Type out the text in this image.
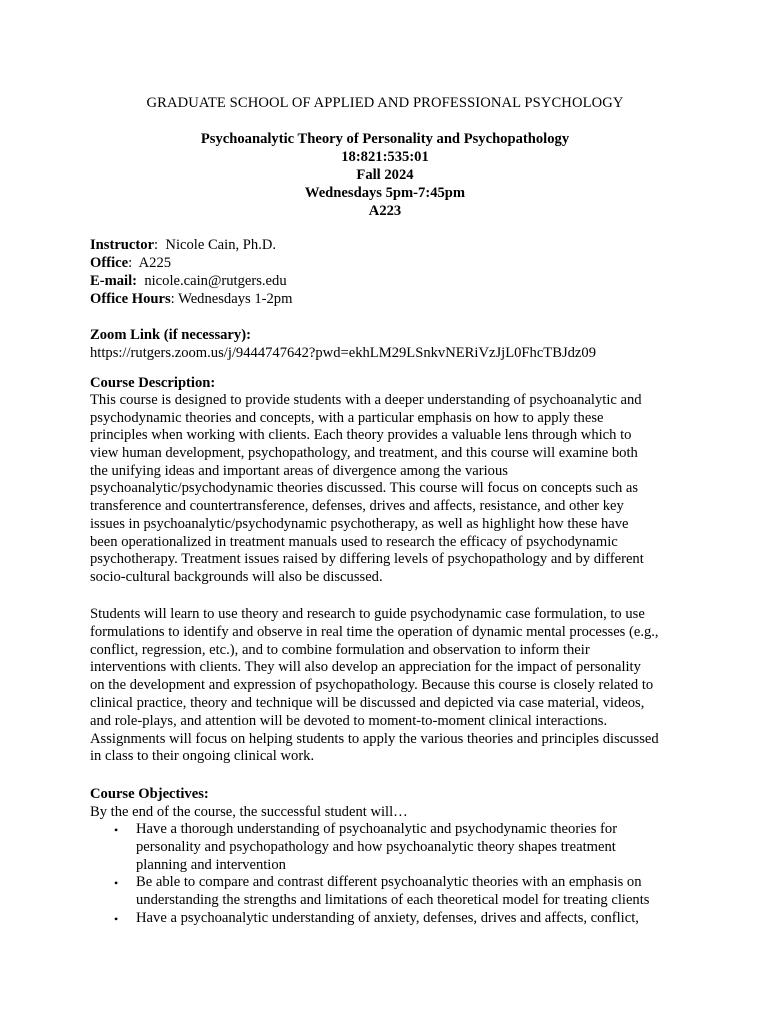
GRADUATE SCHOOL OF APPLIED AND PROFESSIONAL PSYCHOLOGY
Psychoanalytic Theory of Personality and Psychopathology
18:821:535:01
Fall 2024
Wednesdays 5pm-7:45pm
A223
Instructor:  Nicole Cain, Ph.D.
Office:  A225
E-mail:  nicole.cain@rutgers.edu
Office Hours: Wednesdays 1-2pm
Zoom Link (if necessary):
https://rutgers.zoom.us/j/9444747642?pwd=ekhLM29LSnkvNERiVzJjL0FhcTBJdz09
Course Description:

This course is designed to provide students with a deeper understanding of psychoanalytic and

psychodynamic theories and concepts, with a particular emphasis on how to apply these

principles when working with clients. Each theory provides a valuable lens through which to

view human development, psychopathology, and treatment, and this course will examine both

the unifying ideas and important areas of divergence among the various

psychoanalytic/psychodynamic theories discussed. This course will focus on concepts such as

transference and countertransference, defenses, drives and affects, resistance, and other key

issues in psychoanalytic/psychodynamic psychotherapy, as well as highlight how these have

been operationalized in treatment manuals used to research the efficacy of psychodynamic

psychotherapy. Treatment issues raised by differing levels of psychopathology and by different

socio-cultural backgrounds will also be discussed.

Students will learn to use theory and research to guide psychodynamic case formulation, to use

formulations to identify and observe in real time the operation of dynamic mental processes (e.g.,

conflict, regression, etc.), and to combine formulation and observation to inform their

interventions with clients. They will also develop an appreciation for the impact of personality

on the development and expression of psychopathology. Because this course is closely related to

clinical practice, theory and technique will be discussed and depicted via case material, videos,

and role-plays, and attention will be devoted to moment-to-moment clinical interactions.

Assignments will focus on helping students to apply the various theories and principles discussed

in class to their ongoing clinical work.

Course Objectives:
By the end of the course, the successful student will…
• Have a thorough understanding of psychoanalytic and psychodynamic theories for

personality and psychopathology and how psychoanalytic theory shapes treatment

planning and intervention

• Be able to compare and contrast different psychoanalytic theories with an emphasis on

understanding the strengths and limitations of each theoretical model for treating clients

• Have a psychoanalytic understanding of anxiety, defenses, drives and affects, conflict,
